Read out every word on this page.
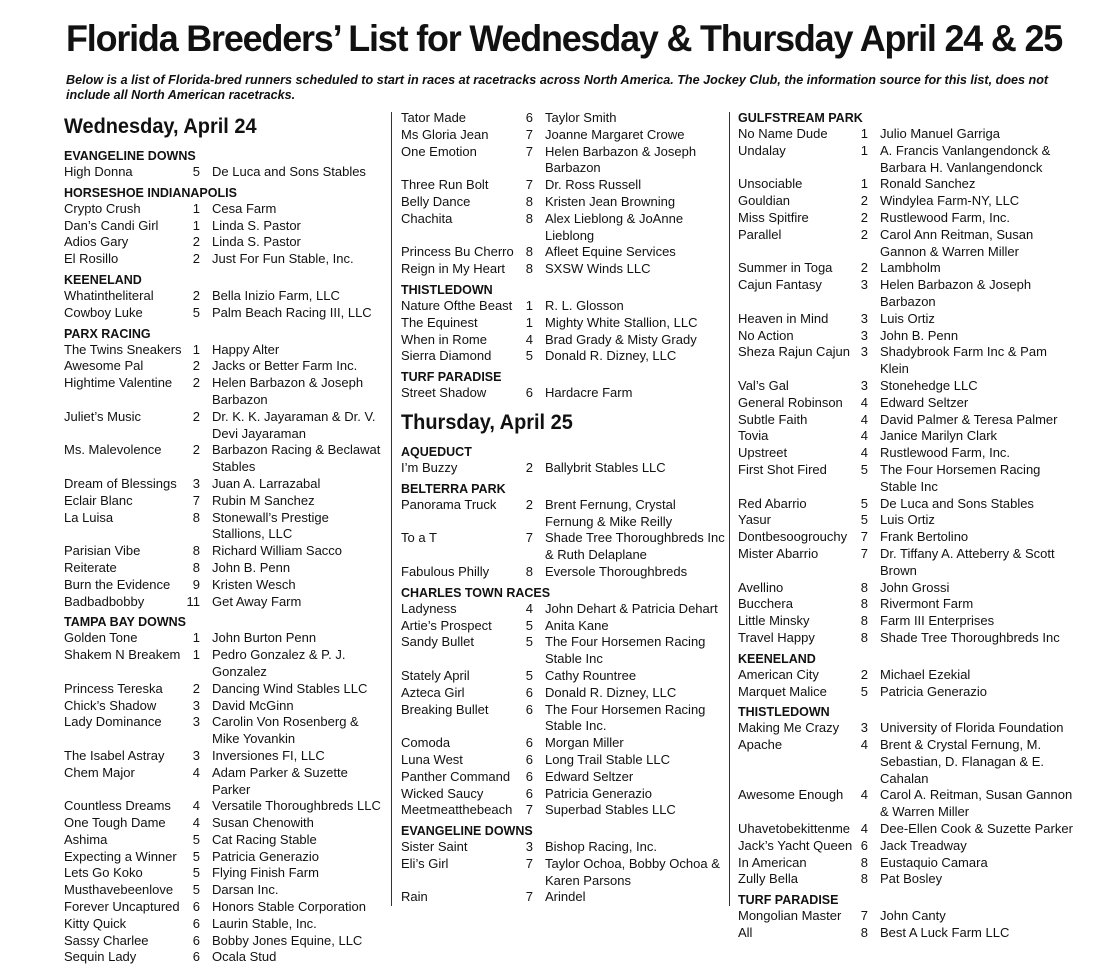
Florida Breeders’ List for Wednesday & Thursday April 24 & 25
Below is a list of Florida-bred runners scheduled to start in races at racetracks across North America. The Jockey Club, the information source for this list, does not include all North American racetracks.
Wednesday, April 24
EVANGELINE DOWNS
High Donna	5 De Luca and Sons Stables
HORSESHOE INDIANAPOLIS
Crypto Crush	1 Cesa Farm
Dan’s Candi Girl	1 Linda S. Pastor
Adios Gary	2 Linda S. Pastor
El Rosillo	2 Just For Fun Stable, Inc.
KEENELAND
Whatintheliteral	2 Bella Inizio Farm, LLC
Cowboy Luke	5 Palm Beach Racing III, LLC
PARX RACING
The Twins Sneakers 1 Happy Alter
Awesome Pal	2 Jacks or Better Farm Inc.
Hightime Valentine	2 Helen Barbazon & Joseph Barbazon
Juliet’s Music	2 Dr. K. K. Jayaraman & Dr. V. Devi Jayaraman
Ms. Malevolence	2 Barbazon Racing & Beclawat Stables
Dream of Blessings	3 Juan A. Larrazabal
Eclair Blanc	7 Rubin M Sanchez
La Luisa	8 Stonewall’s Prestige Stallions, LLC
Parisian Vibe	8 Richard William Sacco
Reiterate	8 John B. Penn
Burn the Evidence	9 Kristen Wesch
Badbadbobby	11 Get Away Farm
TAMPA BAY DOWNS
Golden Tone	1 John Burton Penn
Shakem N Breakem 1 Pedro Gonzalez & P. J. Gonzalez
Princess Tereska	2 Dancing Wind Stables LLC
Chick’s Shadow	3 David McGinn
Lady Dominance	3 Carolin Von Rosenberg & Mike Yovankin
The Isabel Astray	3 Inversiones FI, LLC
Chem Major	4 Adam Parker & Suzette Parker
Countless Dreams	4 Versatile Thoroughbreds LLC
One Tough Dame	4 Susan Chenowith
Ashima	5 Cat Racing Stable
Expecting a Winner	5 Patricia Generazio
Lets Go Koko	5 Flying Finish Farm
Musthavebeenlove	5 Darsan Inc.
Forever Uncaptured	6 Honors Stable Corporation
Kitty Quick	6 Laurin Stable, Inc.
Sassy Charlee	6 Bobby Jones Equine, LLC
Sequin Lady	6 Ocala Stud
Tator Made	6 Taylor Smith
Ms Gloria Jean	7 Joanne Margaret Crowe
One Emotion	7 Helen Barbazon & Joseph Barbazon
Three Run Bolt	7 Dr. Ross Russell
Belly Dance	8 Kristen Jean Browning
Chachita	8 Alex Lieblong & JoAnne Lieblong
Princess Bu Cherro 8 Afleet Equine Services
Reign in My Heart	8 SXSW Winds LLC
THISTLEDOWN
Nature Ofthe Beast	1 R. L. Glosson
The Equinest	1 Mighty White Stallion, LLC
When in Rome	4 Brad Grady & Misty Grady
Sierra Diamond	5 Donald R. Dizney, LLC
TURF PARADISE
Street Shadow	6 Hardacre Farm
Thursday, April 25
AQUEDUCT
I’m Buzzy	2 Ballybrit Stables LLC
BELTERRA PARK
Panorama Truck	2 Brent Fernung, Crystal Fernung & Mike Reilly
To a T	7 Shade Tree Thoroughbreds Inc & Ruth Delaplane
Fabulous Philly	8 Eversole Thoroughbreds
CHARLES TOWN RACES
Ladyness	4 John Dehart & Patricia Dehart
Artie’s Prospect	5 Anita Kane
Sandy Bullet	5 The Four Horsemen Racing Stable Inc
Stately April	5 Cathy Rountree
Azteca Girl	6 Donald R. Dizney, LLC
Breaking Bullet	6 The Four Horsemen Racing Stable Inc.
Comoda	6 Morgan Miller
Luna West	6 Long Trail Stable LLC
Panther Command	6 Edward Seltzer
Wicked Saucy	6 Patricia Generazio
Meetmeatthebeach	7 Superbad Stables LLC
EVANGELINE DOWNS
Sister Saint	3 Bishop Racing, Inc.
Eli’s Girl	7 Taylor Ochoa, Bobby Ochoa & Karen Parsons
Rain	7 Arindel
GULFSTREAM PARK
No Name Dude	1 Julio Manuel Garriga
Undalay	1 A. Francis Vanlangendonck & Barbara H. Vanlangendonck
Unsociable	1 Ronald Sanchez
Gouldian	2 Windylea Farm-NY, LLC
Miss Spitfire	2 Rustlewood Farm, Inc.
Parallel	2 Carol Ann Reitman, Susan Gannon & Warren Miller
Summer in Toga	2 Lambholm
Cajun Fantasy	3 Helen Barbazon & Joseph Barbazon
Heaven in Mind	3 Luis Ortiz
No Action	3 John B. Penn
Sheza Rajun Cajun 3 Shadybrook Farm Inc & Pam Klein
Val’s Gal	3 Stonehedge LLC
General Robinson	4 Edward Seltzer
Subtle Faith	4 David Palmer & Teresa Palmer
Tovia	4 Janice Marilyn Clark
Upstreet	4 Rustlewood Farm, Inc.
First Shot Fired	5 The Four Horsemen Racing Stable Inc
Red Abarrio	5 De Luca and Sons Stables
Yasur	5 Luis Ortiz
Dontbesoogrouchy	7 Frank Bertolino
Mister Abarrio	7 Dr. Tiffany A. Atteberry & Scott Brown
Avellino	8 John Grossi
Bucchera	8 Rivermont Farm
Little Minsky	8 Farm III Enterprises
Travel Happy	8 Shade Tree Thoroughbreds Inc
KEENELAND
American City	2 Michael Ezekial
Marquet Malice	5 Patricia Generazio
THISTLEDOWN
Making Me Crazy	3 University of Florida Foundation
Apache	4 Brent & Crystal Fernung, M. Sebastian, D. Flanagan & E. Cahalan
Awesome Enough	4 Carol A. Reitman, Susan Gannon & Warren Miller
Uhavetobekittenme 4 Dee-Ellen Cook & Suzette Parker
Jack’s Yacht Queen 6 Jack Treadway
In American	8 Eustaquio Camara
Zully Bella	8 Pat Bosley
TURF PARADISE
Mongolian Master	7 John Canty
All	8 Best A Luck Farm LLC
